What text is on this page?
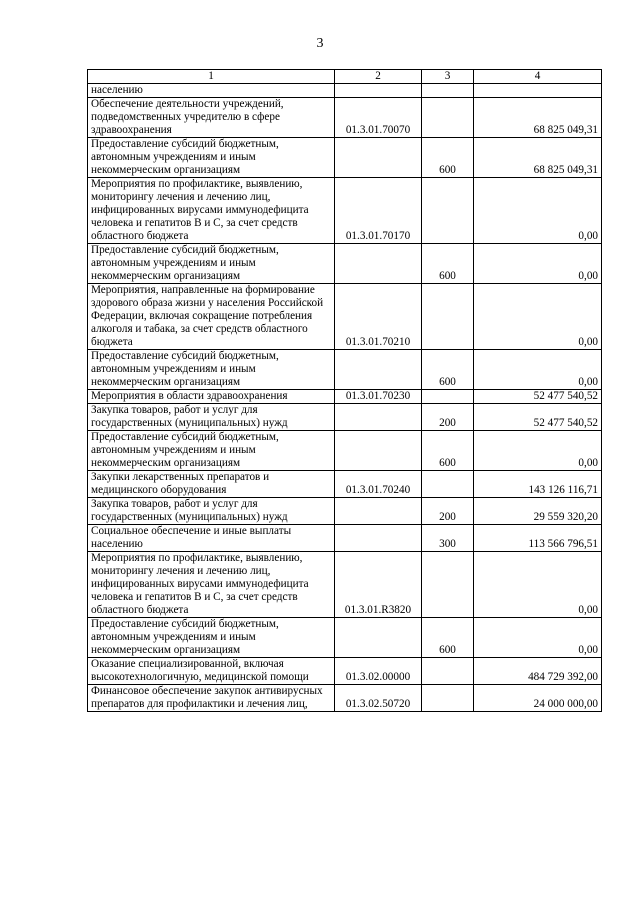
3
1	2	3	4
населению			
Обеспечение деятельности учреждений, подведомственных учредителю в сфере здравоохранения	01.3.01.70070		68 825 049,31
Предоставление субсидий бюджетным, автономным учреждениям и иным некоммерческим организациям		600	68 825 049,31
Мероприятия по профилактике, выявлению, мониторингу лечения и лечению лиц, инфицированных вирусами иммунодефицита человека и гепатитов В и С, за счет средств областного бюджета	01.3.01.70170		0,00
Предоставление субсидий бюджетным, автономным учреждениям и иным некоммерческим организациям		600	0,00
Мероприятия, направленные на формирование здорового образа жизни у населения Российской Федерации, включая сокращение потребления алкоголя и табака, за счет средств областного бюджета	01.3.01.70210		0,00
Предоставление субсидий бюджетным, автономным учреждениям и иным некоммерческим организациям		600	0,00
Мероприятия в области здравоохранения	01.3.01.70230		52 477 540,52
Закупка товаров, работ и услуг для государственных (муниципальных) нужд		200	52 477 540,52
Предоставление субсидий бюджетным, автономным учреждениям и иным некоммерческим организациям		600	0,00
Закупки лекарственных препаратов и медицинского оборудования	01.3.01.70240		143 126 116,71
Закупка товаров, работ и услуг для государственных (муниципальных) нужд		200	29 559 320,20
Социальное обеспечение и иные выплаты населению		300	113 566 796,51
Мероприятия по профилактике, выявлению, мониторингу лечения и лечению лиц, инфицированных вирусами иммунодефицита человека и гепатитов В и С, за счет средств областного бюджета	01.3.01.R3820		0,00
Предоставление субсидий бюджетным, автономным учреждениям и иным некоммерческим организациям		600	0,00
Оказание специализированной, включая высокотехнологичную, медицинской помощи	01.3.02.00000		484 729 392,00
Финансовое обеспечение закупок антивирусных препаратов для профилактики и лечения лиц,	01.3.02.50720		24 000 000,00
